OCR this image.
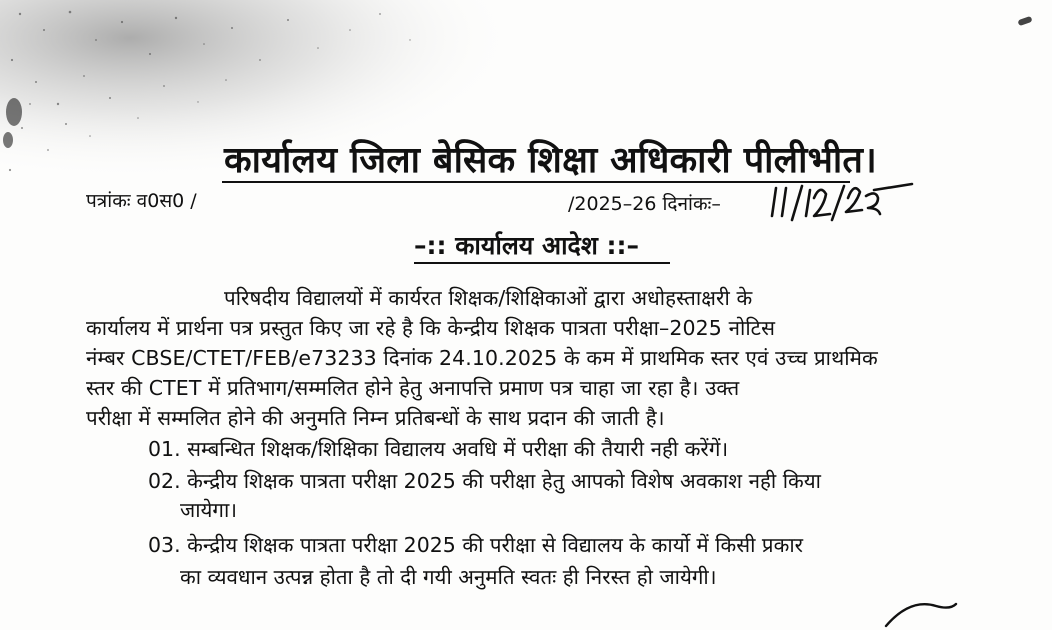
कार्यालय जिला बेसिक शिक्षा अधिकारी पीलीभीत।
पत्रांकः व0स0 /	/2025–26 दिनांकः–
–:: कार्यालय आदेश ::–
परिषदीय विद्यालयों में कार्यरत शिक्षक/शिक्षिकाओं द्वारा अधोहस्ताक्षरी के
कार्यालय में प्रार्थना पत्र प्रस्तुत किए जा रहे है कि केन्द्रीय शिक्षक पात्रता परीक्षा–2025 नोटिस
नंम्बर CBSE/CTET/FEB/e73233 दिनांक 24.10.2025 के कम में प्राथमिक स्तर एवं उच्च प्राथमिक
स्तर की CTET में प्रतिभाग/सम्मलित होने हेतु अनापत्ति प्रमाण पत्र चाहा जा रहा है। उक्त
परीक्षा में सम्मलित होने की अनुमति निम्न प्रतिबन्धों के साथ प्रदान की जाती है।
01. सम्बन्धित शिक्षक/शिक्षिका विद्यालय अवधि में परीक्षा की तैयारी नही करेंगें।
02. केन्द्रीय शिक्षक पात्रता परीक्षा 2025 की परीक्षा हेतु आपको विशेष अवकाश नही किया
जायेगा।
03. केन्द्रीय शिक्षक पात्रता परीक्षा 2025 की परीक्षा से विद्यालय के कार्यो में किसी प्रकार
का व्यवधान उत्पन्न होता है तो दी गयी अनुमति स्वतः ही निरस्त हो जायेगी।
